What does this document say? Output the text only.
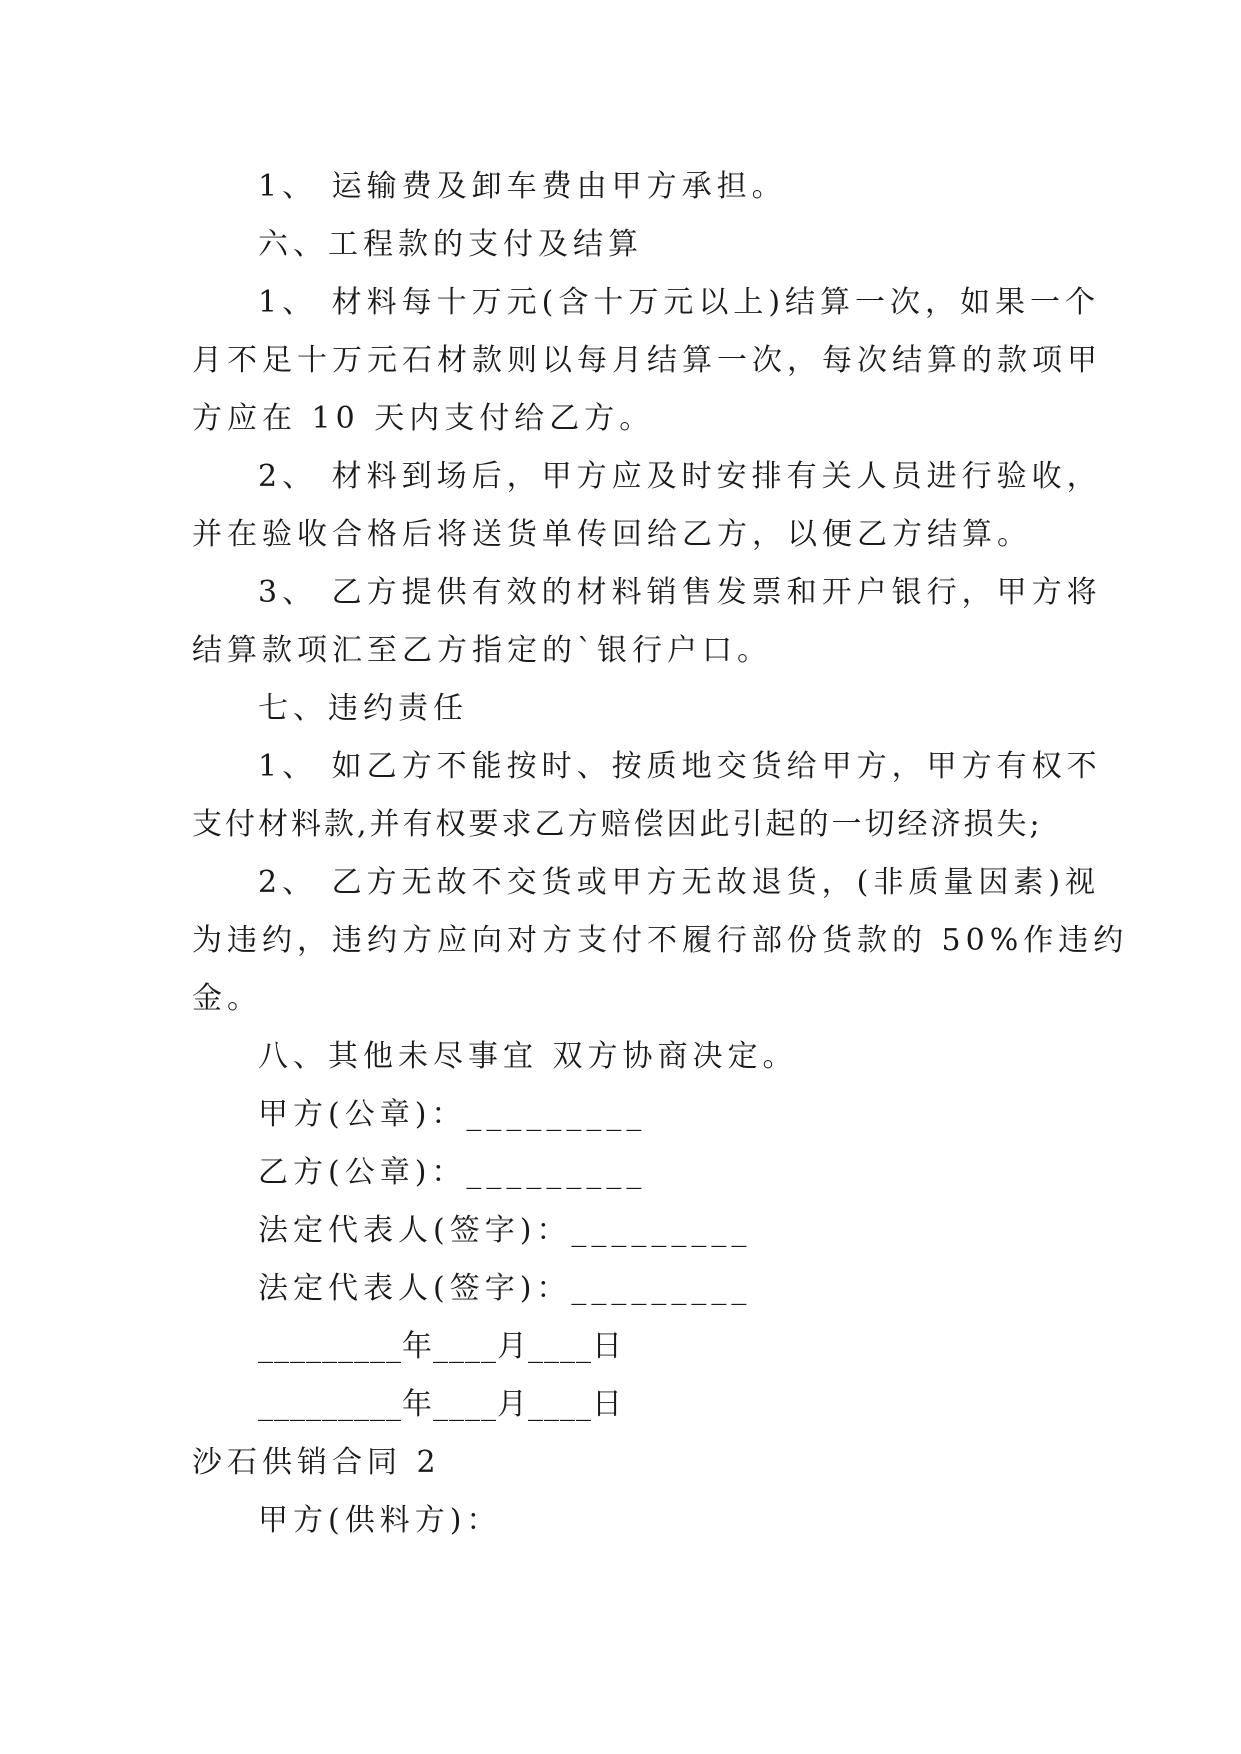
1、 运输费及卸车费由甲方承担。
六、工程款的支付及结算
1、 材料每十万元(含十万元以上)结算一次，如果一个
月不足十万元石材款则以每月结算一次，每次结算的款项甲
方应在 10 天内支付给乙方。
2、 材料到场后，甲方应及时安排有关人员进行验收，
并在验收合格后将送货单传回给乙方，以便乙方结算。
3、 乙方提供有效的材料销售发票和开户银行，甲方将
结算款项汇至乙方指定的`银行户口。
七、违约责任
1、 如乙方不能按时、按质地交货给甲方，甲方有权不
支付材料款,并有权要求乙方赔偿因此引起的一切经济损失;
2、 乙方无故不交货或甲方无故退货，(非质量因素)视
为违约，违约方应向对方支付不履行部份货款的 50%作违约
金。
八、其他未尽事宜 双方协商决定。
甲方(公章)：_________
乙方(公章)：_________
法定代表人(签字)：_________
法定代表人(签字)：_________
_________年____月____日
_________年____月____日
沙石供销合同 2
甲方(供料方)：
